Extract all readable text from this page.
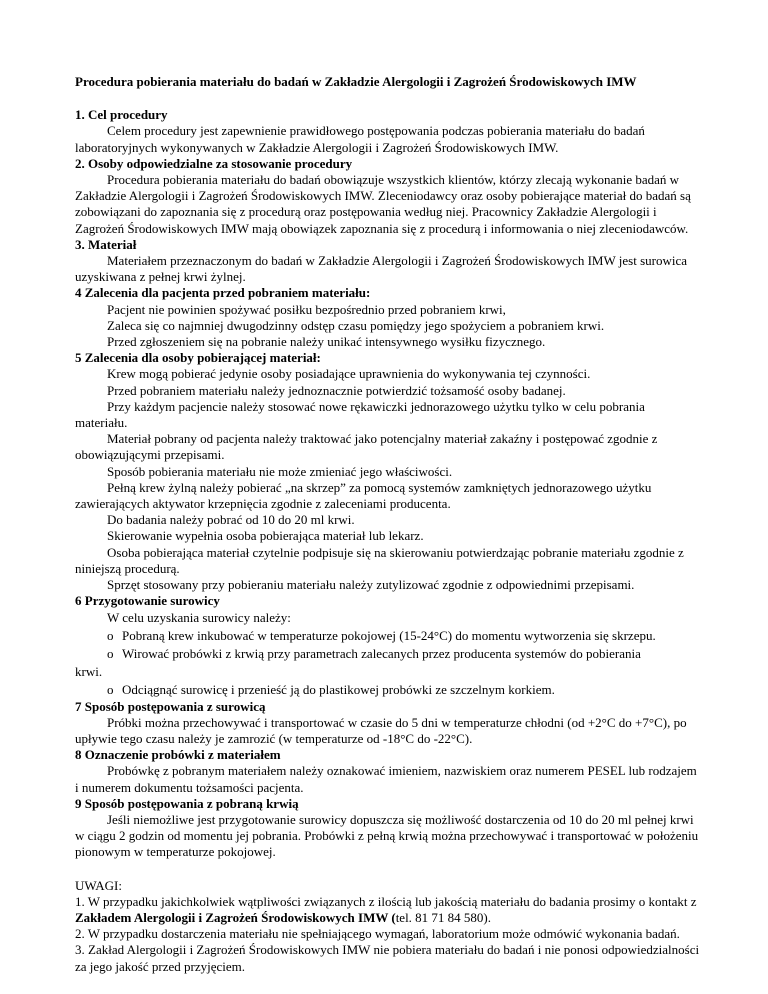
Procedura pobierania materiału do badań w Zakładzie Alergologii i Zagrożeń Środowiskowych IMW

1. Cel procedury

Celem procedury jest zapewnienie prawidłowego postępowania podczas pobierania materiału do badań laboratoryjnych wykonywanych w Zakładzie Alergologii i Zagrożeń Środowiskowych IMW.

2. Osoby odpowiedzialne za stosowanie procedury

Procedura pobierania materiału do badań obowiązuje wszystkich klientów, którzy zlecają wykonanie badań w Zakładzie Alergologii i Zagrożeń Środowiskowych IMW. Zleceniodawcy oraz osoby pobierające materiał do badań są zobowiązani do zapoznania się z procedurą oraz postępowania według niej. Pracownicy Zakładzie Alergologii i Zagrożeń Środowiskowych IMW mają obowiązek zapoznania się z procedurą i informowania o niej zleceniodawców.

3. Materiał

Materiałem przeznaczonym do badań w Zakładzie Alergologii i Zagrożeń Środowiskowych IMW jest surowica uzyskiwana z pełnej krwi żylnej.

4 Zalecenia dla pacjenta przed pobraniem materiału:

Pacjent nie powinien spożywać posiłku bezpośrednio przed pobraniem krwi,

Zaleca się co najmniej dwugodzinny odstęp czasu pomiędzy jego spożyciem a pobraniem krwi.

Przed zgłoszeniem się na pobranie należy unikać intensywnego wysiłku fizycznego.

5 Zalecenia dla osoby pobierającej materiał:

Krew mogą pobierać jedynie osoby posiadające uprawnienia do wykonywania tej czynności.

Przed pobraniem materiału należy jednoznacznie potwierdzić tożsamość osoby badanej.

Przy każdym pacjencie należy stosować nowe rękawiczki jednorazowego użytku tylko w celu pobrania materiału.

Materiał pobrany od pacjenta należy traktować jako potencjalny materiał zakaźny i postępować zgodnie z obowiązującymi przepisami.

Sposób pobierania materiału nie może zmieniać jego właściwości.

Pełną krew żylną należy pobierać „na skrzep” za pomocą systemów zamkniętych jednorazowego użytku zawierających aktywator krzepnięcia zgodnie z zaleceniami producenta.

Do badania należy pobrać od 10 do 20 ml krwi.

Skierowanie wypełnia osoba pobierająca materiał lub lekarz.

Osoba pobierająca materiał czytelnie podpisuje się na skierowaniu potwierdzając pobranie materiału zgodnie z niniejszą procedurą.

Sprzęt stosowany przy pobieraniu materiału należy zutylizować zgodnie z odpowiednimi przepisami.

6 Przygotowanie surowicy

W celu uzyskania surowicy należy:

o Pobraną krew inkubować w temperaturze pokojowej (15-24°C) do momentu wytworzenia się skrzepu.

o Wirować probówki z krwią przy parametrach zalecanych przez producenta systemów do pobierania

krwi.

o Odciągnąć surowicę i przenieść ją do plastikowej probówki ze szczelnym korkiem.

7 Sposób postępowania z surowicą

Próbki można przechowywać i transportować w czasie do 5 dni w temperaturze chłodni (od +2°C do +7°C), po upływie tego czasu należy je zamrozić (w temperaturze od -18°C do -22°C).

8 Oznaczenie probówki z materiałem

Probówkę z pobranym materiałem należy oznakować imieniem, nazwiskiem oraz numerem PESEL lub rodzajem i numerem dokumentu tożsamości pacjenta.

9 Sposób postępowania z pobraną krwią

Jeśli niemożliwe jest przygotowanie surowicy dopuszcza się możliwość dostarczenia od 10 do 20 ml pełnej krwi w ciągu 2 godzin od momentu jej pobrania. Probówki z pełną krwią można przechowywać i transportować w położeniu pionowym w temperaturze pokojowej.

UWAGI:

1. W przypadku jakichkolwiek wątpliwości związanych z ilością lub jakością materiału do badania prosimy o kontakt z Zakładem Alergologii i Zagrożeń Środowiskowych IMW (tel. 81 71 84 580).

2. W przypadku dostarczenia materiału nie spełniającego wymagań, laboratorium może odmówić wykonania badań.

3. Zakład Alergologii i Zagrożeń Środowiskowych IMW nie pobiera materiału do badań i nie ponosi odpowiedzialności za jego jakość przed przyjęciem.
